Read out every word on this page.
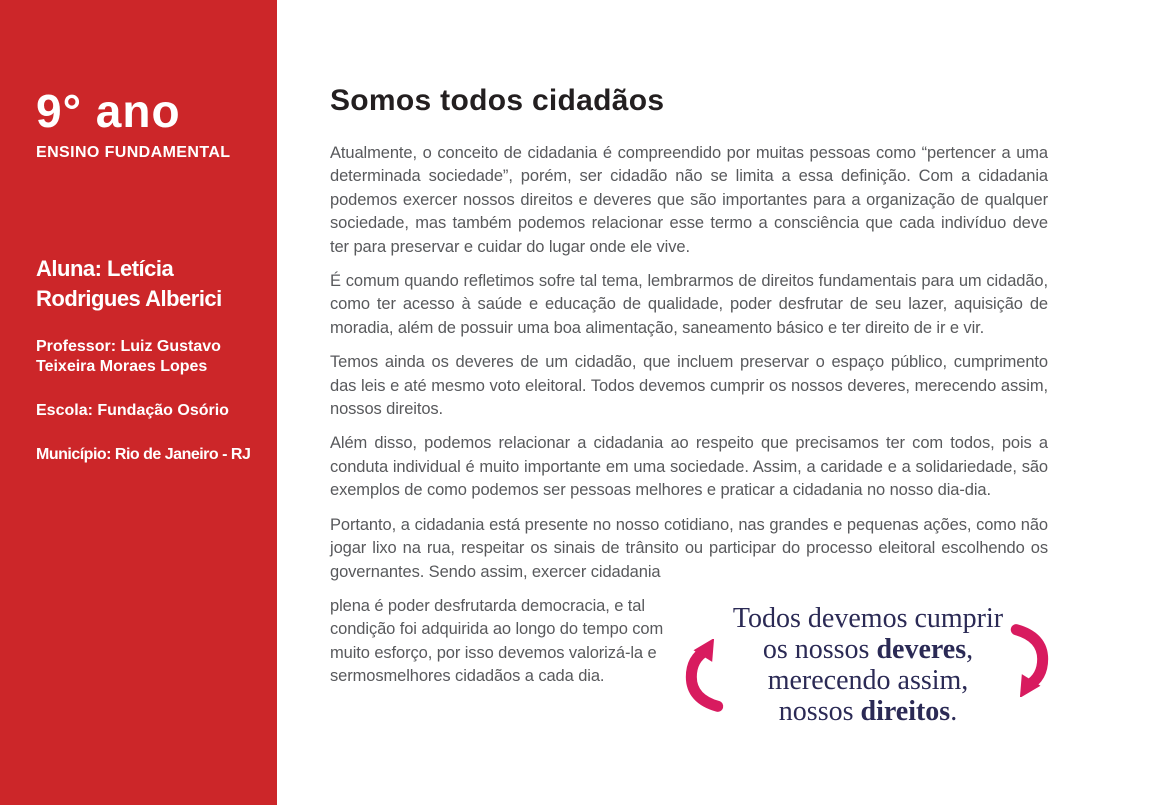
9° ano
ENSINO FUNDAMENTAL
Aluna: Letícia Rodrigues Alberici
Professor: Luiz Gustavo Teixeira Moraes Lopes
Escola: Fundação Osório
Município: Rio de Janeiro - RJ
Somos todos cidadãos

Atualmente, o conceito de cidadania é compreendido por muitas pessoas como “pertencer a uma determinada sociedade”, porém, ser cidadão não se limita a essa definição. Com a cidadania podemos exercer nossos direitos e deveres que são importantes para a organização de qualquer sociedade, mas também podemos relacionar esse termo a consciência que cada indivíduo deve ter para preservar e cuidar do lugar onde ele vive.

É comum quando refletimos sofre tal tema, lembrarmos de direitos fundamentais para um cidadão, como ter acesso à saúde e educação de qualidade, poder desfrutar de seu lazer, aquisição de moradia, além de possuir uma boa alimentação, saneamento básico e ter direito de ir e vir.

Temos ainda os deveres de um cidadão, que incluem preservar o espaço público, cumprimento das leis e até mesmo voto eleitoral. Todos devemos cumprir os nossos deveres, merecendo assim, nossos direitos.

Além disso, podemos relacionar a cidadania ao respeito que precisamos ter com todos, pois a conduta individual é muito importante em uma sociedade. Assim, a caridade e a solidariedade, são exemplos de como podemos ser pessoas melhores e praticar a cidadania no nosso dia-dia.

Portanto, a cidadania está presente no nosso cotidiano, nas grandes e pequenas ações, como não jogar lixo na rua, respeitar os sinais de trânsito ou participar do processo eleitoral escolhendo os governantes. Sendo assim, exercer cidadania

plena é poder desfrutarda democracia, e tal condição foi adquirida ao longo do tempo com muito esforço, por isso devemos valorizá-la e sermosmelhores cidadãos a cada dia.

Todos devemos cumprir
os nossos deveres,
merecendo assim,
nossos direitos.
